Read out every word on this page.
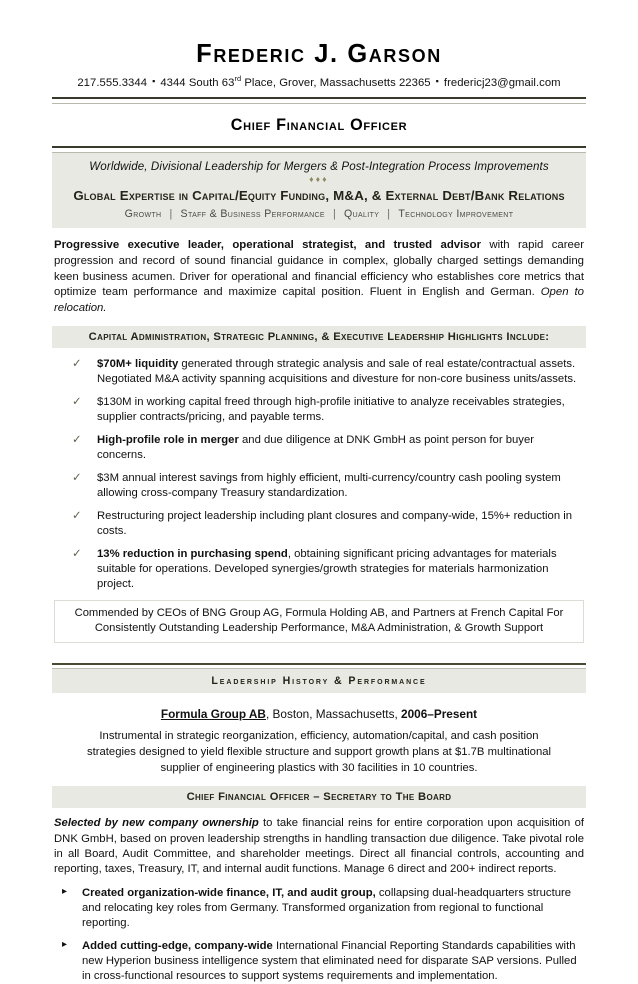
Frederic J. Garson
217.555.3344 ▪ 4344 South 63rd Place, Grover, Massachusetts 22365 ▪ fredericj23@gmail.com
Chief Financial Officer
Worldwide, Divisional Leadership for Mergers & Post-Integration Process Improvements
♦♦♦
Global Expertise in Capital/Equity Funding, M&A, & External Debt/Bank Relations
Growth | Staff & Business Performance | Quality | Technology Improvement
Progressive executive leader, operational strategist, and trusted advisor with rapid career progression and record of sound financial guidance in complex, globally charged settings demanding keen business acumen. Driver for operational and financial efficiency who establishes core metrics that optimize team performance and maximize capital position. Fluent in English and German. Open to relocation.
Capital Administration, Strategic Planning, & Executive Leadership Highlights Include:
✓ $70M+ liquidity generated through strategic analysis and sale of real estate/contractual assets. Negotiated M&A activity spanning acquisitions and divesture for non-core business units/assets.
✓ $130M in working capital freed through high-profile initiative to analyze receivables strategies, supplier contracts/pricing, and payable terms.
✓ High-profile role in merger and due diligence at DNK GmbH as point person for buyer concerns.
✓ $3M annual interest savings from highly efficient, multi-currency/country cash pooling system allowing cross-company Treasury standardization.
✓ Restructuring project leadership including plant closures and company-wide, 15%+ reduction in costs.
✓ 13% reduction in purchasing spend, obtaining significant pricing advantages for materials suitable for operations. Developed synergies/growth strategies for materials harmonization project.
Commended by CEOs of BNG Group AG, Formula Holding AB, and Partners at French Capital For Consistently Outstanding Leadership Performance, M&A Administration, & Growth Support
Leadership History & Performance
Formula Group AB, Boston, Massachusetts, 2006–Present
Instrumental in strategic reorganization, efficiency, automation/capital, and cash position strategies designed to yield flexible structure and support growth plans at $1.7B multinational supplier of engineering plastics with 30 facilities in 10 countries.
Chief Financial Officer – Secretary to The Board
Selected by new company ownership to take financial reins for entire corporation upon acquisition of DNK GmbH, based on proven leadership strengths in handling transaction due diligence. Take pivotal role in all Board, Audit Committee, and shareholder meetings. Direct all financial controls, accounting and reporting, taxes, Treasury, IT, and internal audit functions. Manage 6 direct and 200+ indirect reports.
▸ Created organization-wide finance, IT, and audit group, collapsing dual-headquarters structure and relocating key roles from Germany. Transformed organization from regional to functional reporting.
▸ Added cutting-edge, company-wide International Financial Reporting Standards capabilities with new Hyperion business intelligence system that eliminated need for disparate SAP versions. Pulled in cross-functional resources to support systems requirements and implementation.
